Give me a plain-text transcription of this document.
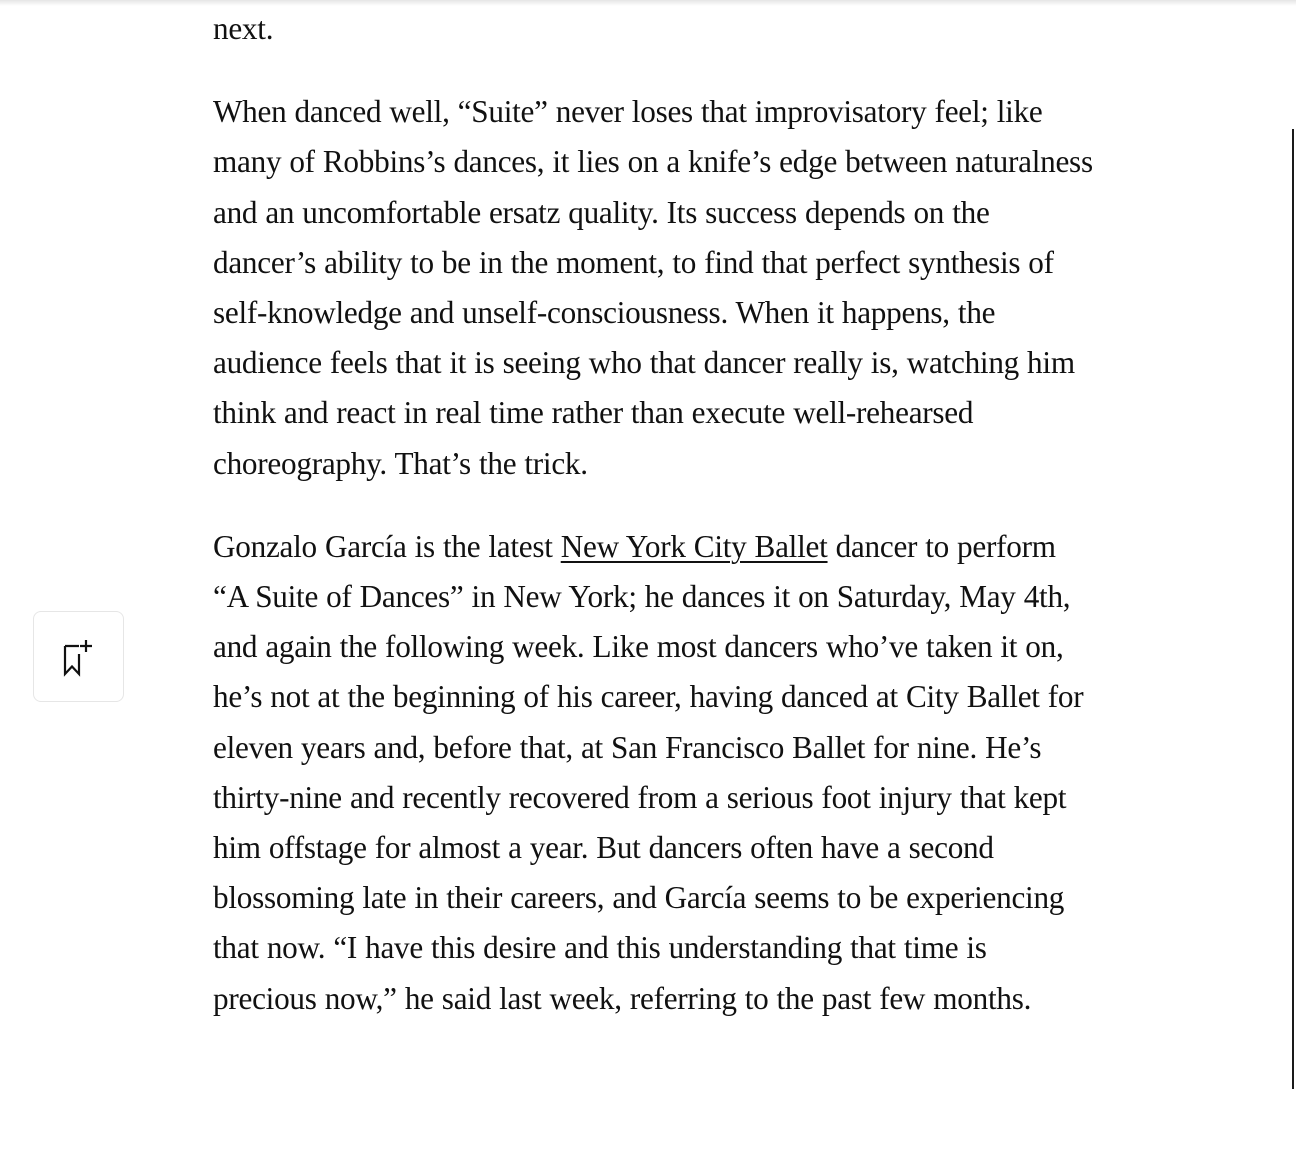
next.

When danced well, “Suite” never loses that improvisatory feel; like many of Robbins’s dances, it lies on a knife’s edge between naturalness and an uncomfortable ersatz quality. Its success depends on the dancer’s ability to be in the moment, to find that perfect synthesis of self-knowledge and unself-consciousness. When it happens, the audience feels that it is seeing who that dancer really is, watching him think and react in real time rather than execute well-rehearsed choreography. That’s the trick.

Gonzalo García is the latest New York City Ballet dancer to perform “A Suite of Dances” in New York; he dances it on Saturday, May 4th, and again the following week. Like most dancers who’ve taken it on, he’s not at the beginning of his career, having danced at City Ballet for eleven years and, before that, at San Francisco Ballet for nine. He’s thirty-nine and recently recovered from a serious foot injury that kept him offstage for almost a year. But dancers often have a second blossoming late in their careers, and García seems to be experiencing that now. “I have this desire and this understanding that time is precious now,” he said last week, referring to the past few months.
